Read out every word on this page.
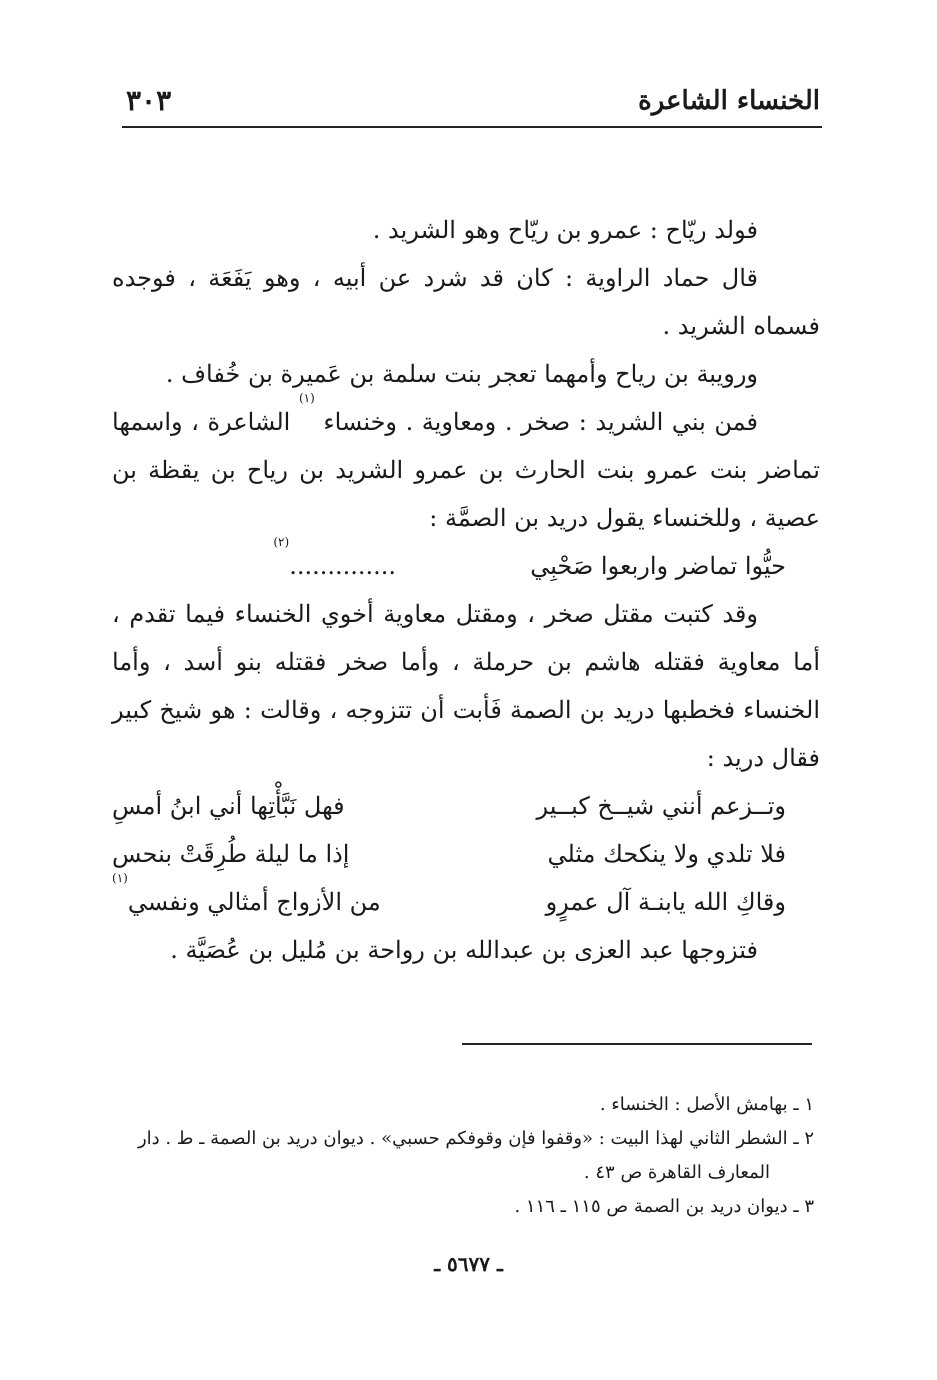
الخنساء الشاعرة
٣٠٣

فولد ريّاح : عمرو بن ريّاح وهو الشريد .

قال حماد الراوية : كان قد شرد عن أبيه ، وهو يَفَعَة ، فوجده فسماه الشريد .

ورويبة بن رياح وأمهما تعجر بنت سلمة بن عَميرة بن خُفاف .

فمن بني الشريد : صخر . ومعاوية . وخنساء $^{(١)}$ الشاعرة ، واسمها تماضر بنت عمرو بنت الحارث بن عمرو الشريد بن رياح بن يقظة بن عصية ، وللخنساء يقول دريد بن الصمَّة :

حيُّوا تماضر واربعوا صَحْبِي
..............$^{(٢)}$

وقد كتبت مقتل صخر ، ومقتل معاوية أخوي الخنساء فيما تقدم ، أما معاوية فقتله هاشم بن حرملة ، وأما صخر فقتله بنو أسد ، وأما الخنساء فخطبها دريد بن الصمة فَأبت أن تتزوجه ، وقالت : هو شيخ كبير فقال دريد :

وتــزعم أنني شيــخ كبــير
فهل نَبَّأْتِها أني ابنُ أمسِ

فلا تلدي ولا ينكحك مثلي
إذا ما ليلة طُرِقَتْ بنحس

وقاكِ الله يابنـة آل عمرٍو
من الأزواج أمثالي ونفسي$^{(١)}$

فتزوجها عبد العزى بن عبدالله بن رواحة بن مُليل بن عُصَيَّة .

١ ـ بهامش الأصل : الخنساء .

٢ ـ الشطر الثاني لهذا البيت : «وقفوا فإن وقوفكم حسبي» . ديوان دريد بن الصمة ـ ط . دار

المعارف القاهرة ص ٤٣ .

٣ ـ ديوان دريد بن الصمة ص ١١٥ ـ ١١٦ .

ـ ٥٦٧٧ ـ
